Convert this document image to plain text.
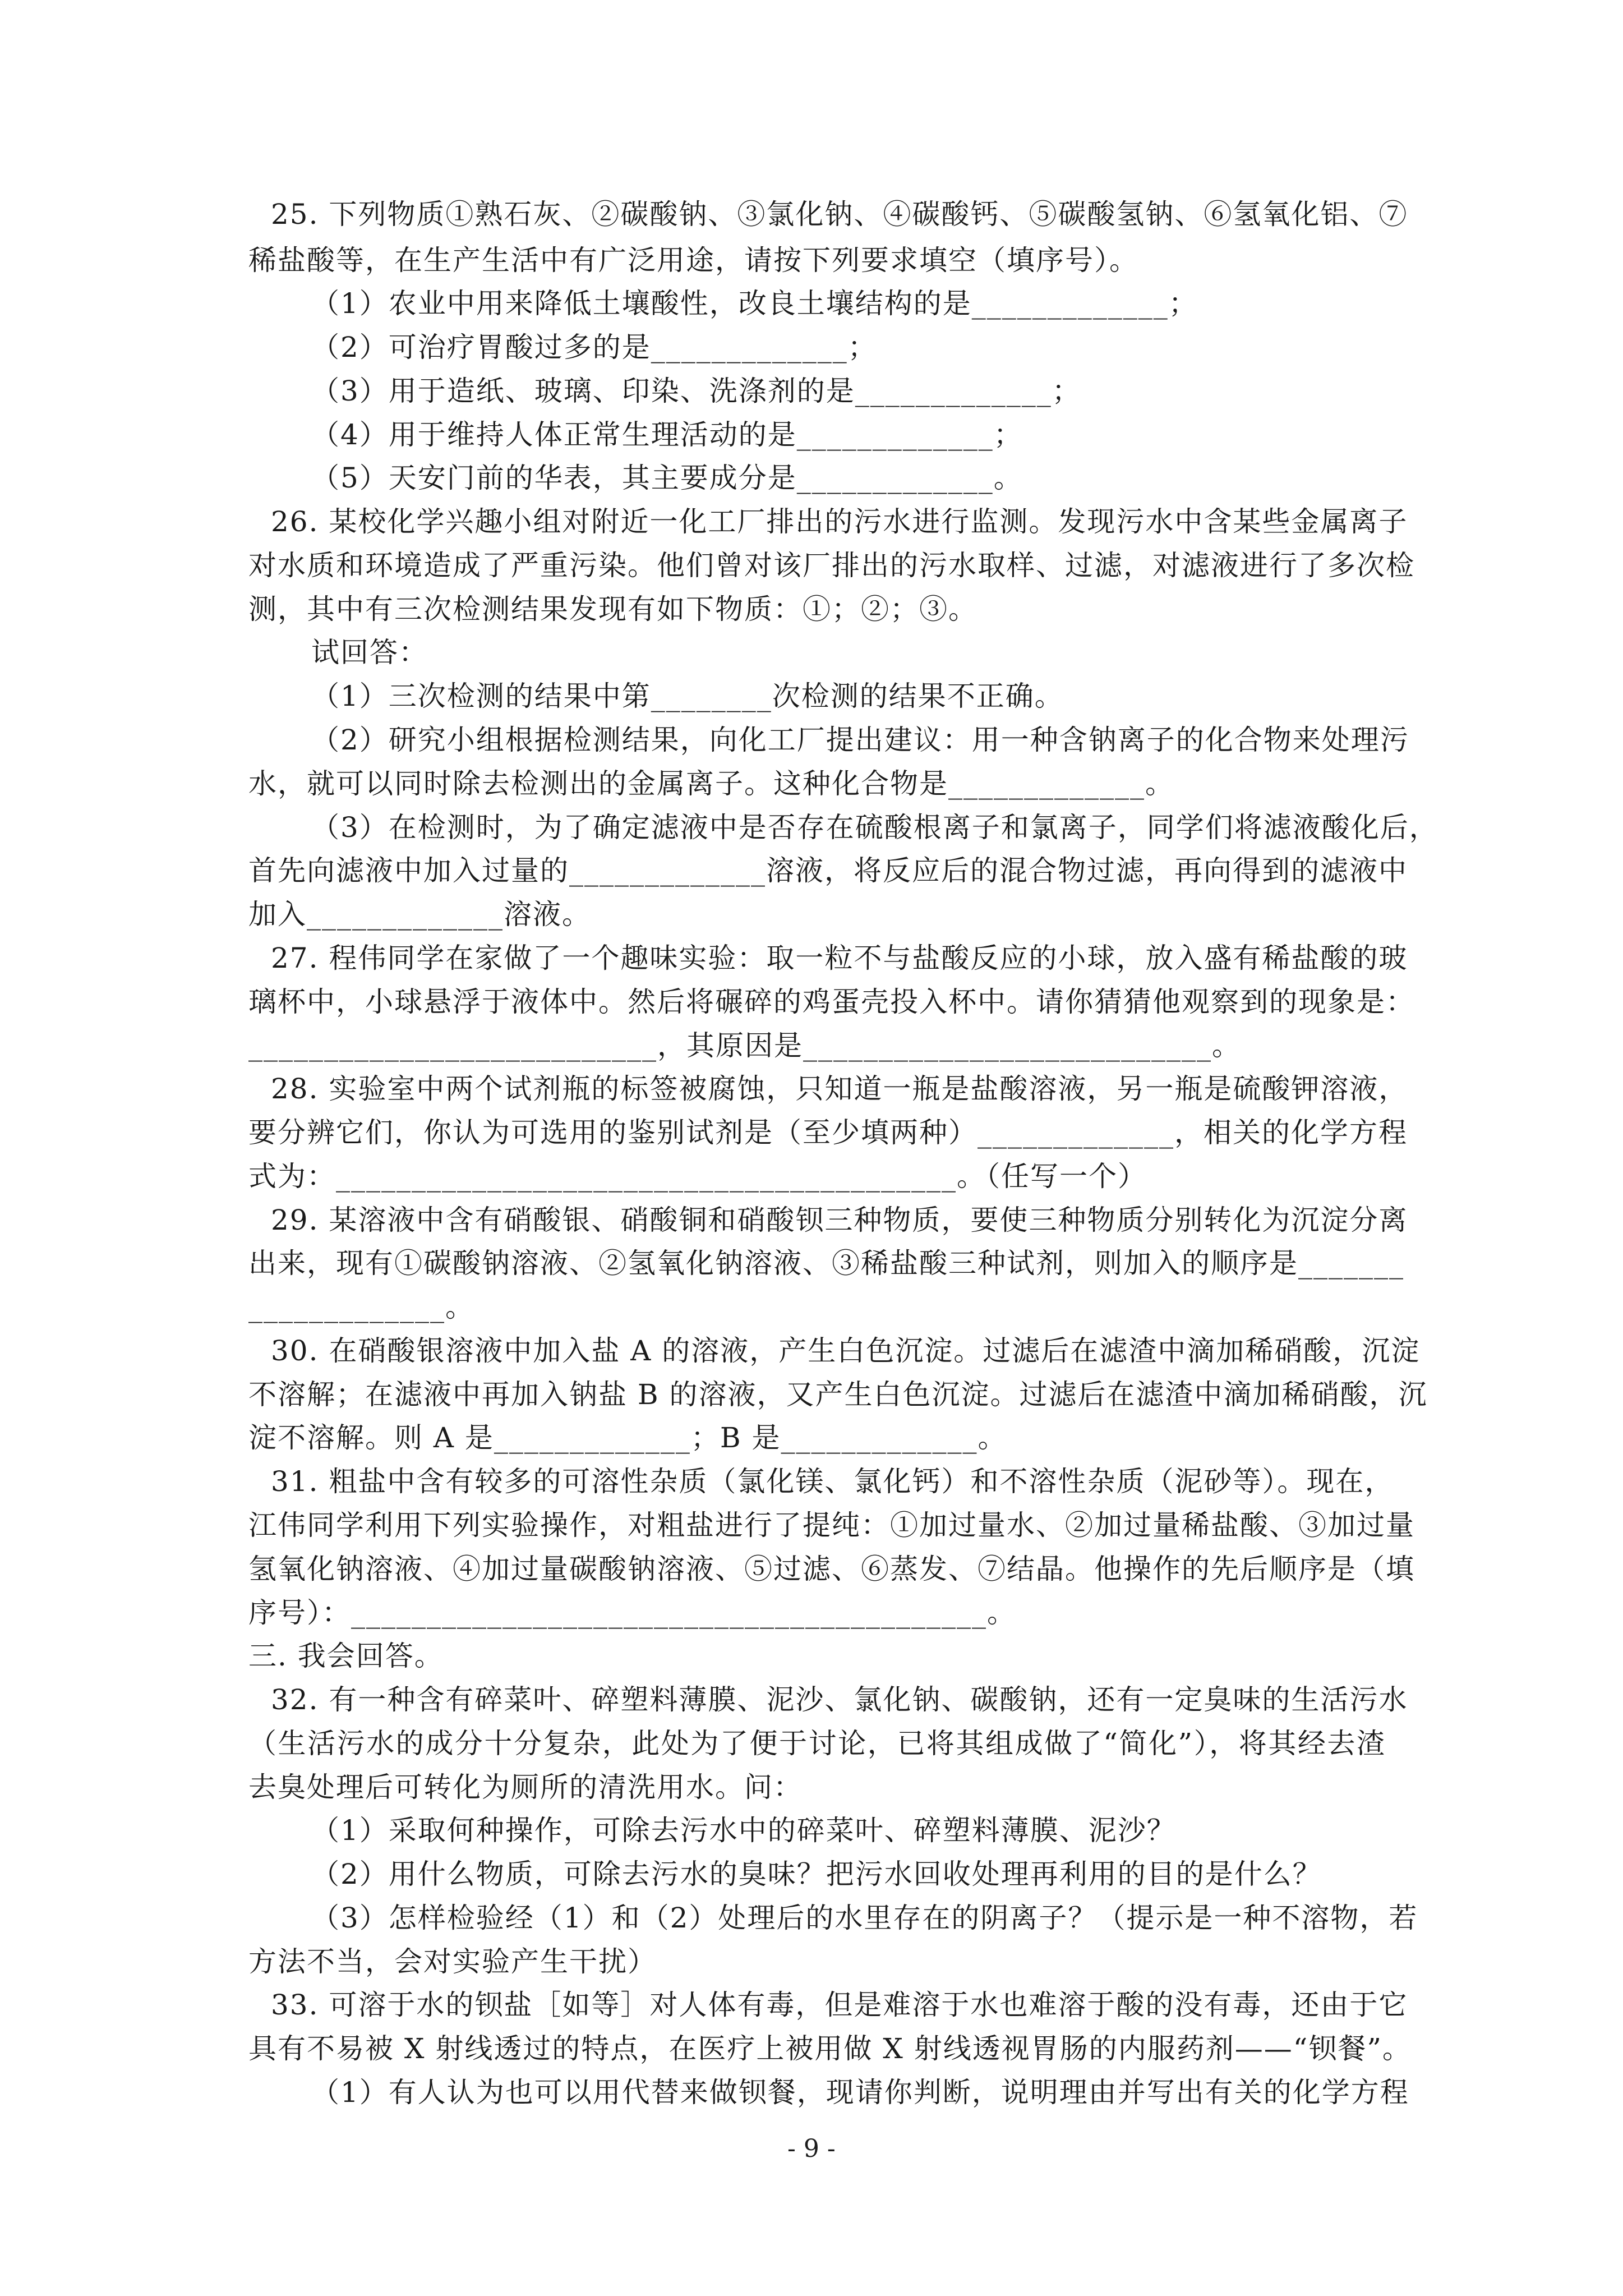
25. 下列物质①熟石灰、②碳酸钠、③氯化钠、④碳酸钙、⑤碳酸氢钠、⑥氢氧化铝、⑦
稀盐酸等，在生产生活中有广泛用途，请按下列要求填空（填序号）。
（1）农业中用来降低土壤酸性，改良土壤结构的是_____________；
（2）可治疗胃酸过多的是_____________；
（3）用于造纸、玻璃、印染、洗涤剂的是_____________；
（4）用于维持人体正常生理活动的是_____________；
（5）天安门前的华表，其主要成分是_____________。
26. 某校化学兴趣小组对附近一化工厂排出的污水进行监测。发现污水中含某些金属离子
对水质和环境造成了严重污染。他们曾对该厂排出的污水取样、过滤，对滤液进行了多次检
测，其中有三次检测结果发现有如下物质：①；②；③。
试回答：
（1）三次检测的结果中第________次检测的结果不正确。
（2）研究小组根据检测结果，向化工厂提出建议：用一种含钠离子的化合物来处理污
水，就可以同时除去检测出的金属离子。这种化合物是_____________。
（3）在检测时，为了确定滤液中是否存在硫酸根离子和氯离子，同学们将滤液酸化后，
首先向滤液中加入过量的_____________溶液，将反应后的混合物过滤，再向得到的滤液中
加入_____________溶液。
27. 程伟同学在家做了一个趣味实验：取一粒不与盐酸反应的小球，放入盛有稀盐酸的玻
璃杯中，小球悬浮于液体中。然后将碾碎的鸡蛋壳投入杯中。请你猜猜他观察到的现象是：
___________________________，其原因是___________________________。
28. 实验室中两个试剂瓶的标签被腐蚀，只知道一瓶是盐酸溶液，另一瓶是硫酸钾溶液，
要分辨它们，你认为可选用的鉴别试剂是（至少填两种）_____________，相关的化学方程
式为：_________________________________________。（任写一个）
29. 某溶液中含有硝酸银、硝酸铜和硝酸钡三种物质，要使三种物质分别转化为沉淀分离
出来，现有①碳酸钠溶液、②氢氧化钠溶液、③稀盐酸三种试剂，则加入的顺序是_______
_____________。
30. 在硝酸银溶液中加入盐 A 的溶液，产生白色沉淀。过滤后在滤渣中滴加稀硝酸，沉淀
不溶解；在滤液中再加入钠盐 B 的溶液，又产生白色沉淀。过滤后在滤渣中滴加稀硝酸，沉
淀不溶解。则 A 是_____________；B 是_____________。
31. 粗盐中含有较多的可溶性杂质（氯化镁、氯化钙）和不溶性杂质（泥砂等）。现在，
江伟同学利用下列实验操作，对粗盐进行了提纯：①加过量水、②加过量稀盐酸、③加过量
氢氧化钠溶液、④加过量碳酸钠溶液、⑤过滤、⑥蒸发、⑦结晶。他操作的先后顺序是（填
序号）：__________________________________________。
三. 我会回答。
32. 有一种含有碎菜叶、碎塑料薄膜、泥沙、氯化钠、碳酸钠，还有一定臭味的生活污水
（生活污水的成分十分复杂，此处为了便于讨论，已将其组成做了“简化”），将其经去渣
去臭处理后可转化为厕所的清洗用水。问：
（1）采取何种操作，可除去污水中的碎菜叶、碎塑料薄膜、泥沙？
（2）用什么物质，可除去污水的臭味？把污水回收处理再利用的目的是什么？
（3）怎样检验经（1）和（2）处理后的水里存在的阴离子？（提示是一种不溶物，若
方法不当，会对实验产生干扰）
33. 可溶于水的钡盐［如等］对人体有毒，但是难溶于水也难溶于酸的没有毒，还由于它
具有不易被 X 射线透过的特点，在医疗上被用做 X 射线透视胃肠的内服药剂——“钡餐”。
（1）有人认为也可以用代替来做钡餐，现请你判断，说明理由并写出有关的化学方程
- 9 -
